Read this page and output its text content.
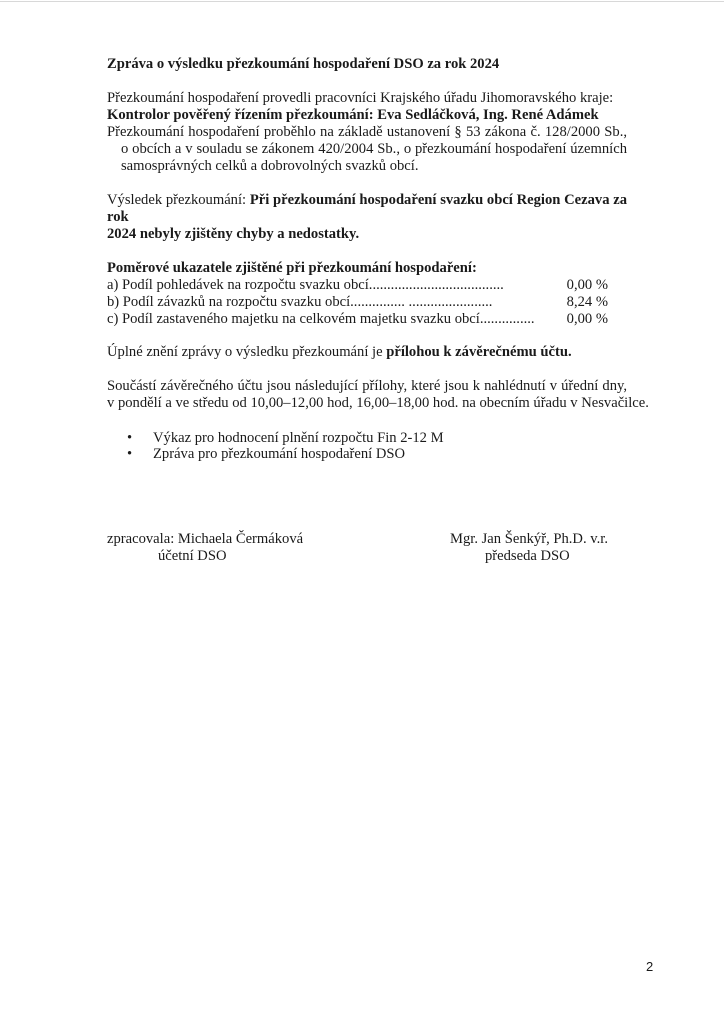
Zpráva o výsledku přezkoumání hospodaření DSO za rok 2024
Přezkoumání hospodaření provedli pracovníci Krajského úřadu Jihomoravského kraje:
Kontrolor pověřený řízením přezkoumání: Eva Sedláčková, Ing. René Adámek
Přezkoumání hospodaření proběhlo na základě ustanovení § 53 zákona č. 128/2000 Sb.,
o obcích a v souladu se zákonem 420/2004 Sb., o přezkoumání hospodaření územních
samosprávných celků a dobrovolných svazků obcí.
Výsledek přezkoumání: Při přezkoumání hospodaření svazku obcí Region Cezava za rok
2024 nebyly zjištěny chyby a nedostatky.
Poměrové ukazatele zjištěné při přezkoumání hospodaření:
a) Podíl pohledávek na rozpočtu svazku obcí.....................................	0,00 %
b) Podíl závazků na rozpočtu svazku obcí............... .......................	8,24 %
c) Podíl zastaveného majetku na celkovém majetku svazku obcí............... 0,00 %
Úplné znění zprávy o výsledku přezkoumání je přílohou k závěrečnému účtu.
Součástí závěrečného účtu jsou následující přílohy, které jsou k nahlédnutí v úřední dny,
v pondělí a ve středu od 10,00–12,00 hod, 16,00–18,00 hod. na obecním úřadu v Nesvačilce.
• Výkaz pro hodnocení plnění rozpočtu Fin 2-12 M
• Zpráva pro přezkoumání hospodaření DSO
zpracovala: Michaela Čermáková
účetní DSO
Mgr. Jan Šenkýř, Ph.D. v.r.
předseda DSO
2
